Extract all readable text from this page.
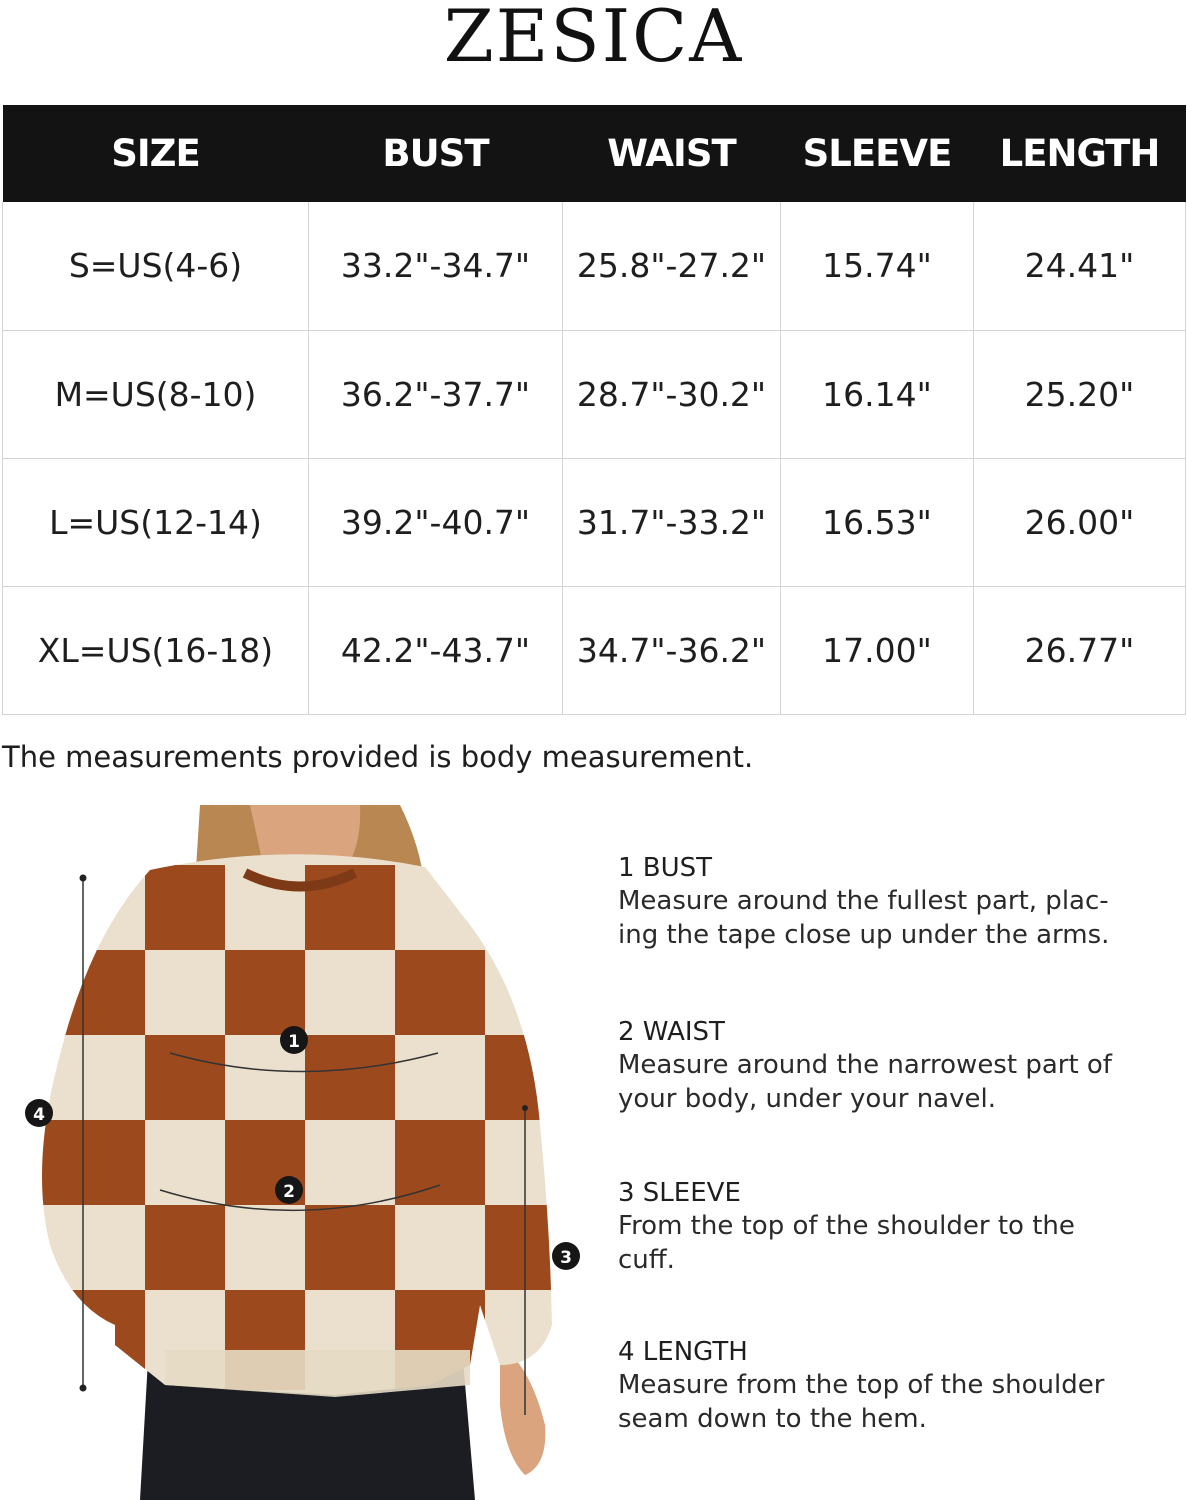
ZESICA
SIZE	BUST	WAIST	SLEEVE	LENGTH
S=US(4-6)	33.2"-34.7"	25.8"-27.2"	15.74"	24.41"
M=US(8-10)	36.2"-37.7"	28.7"-30.2"	16.14"	25.20"
L=US(12-14)	39.2"-40.7"	31.7"-33.2"	16.53"	26.00"
XL=US(16-18)	42.2"-43.7"	34.7"-36.2"	17.00"	26.77"
The measurements provided is body measurement.
1
2
3
4
1 BUST
Measure around the fullest part, plac-
ing the tape close up under the arms.
2 WAIST
Measure around the narrowest part of
your body, under your navel.
3 SLEEVE
From the top of the shoulder to the
cuff.
4 LENGTH
Measure from the top of the shoulder
seam down to the hem.
